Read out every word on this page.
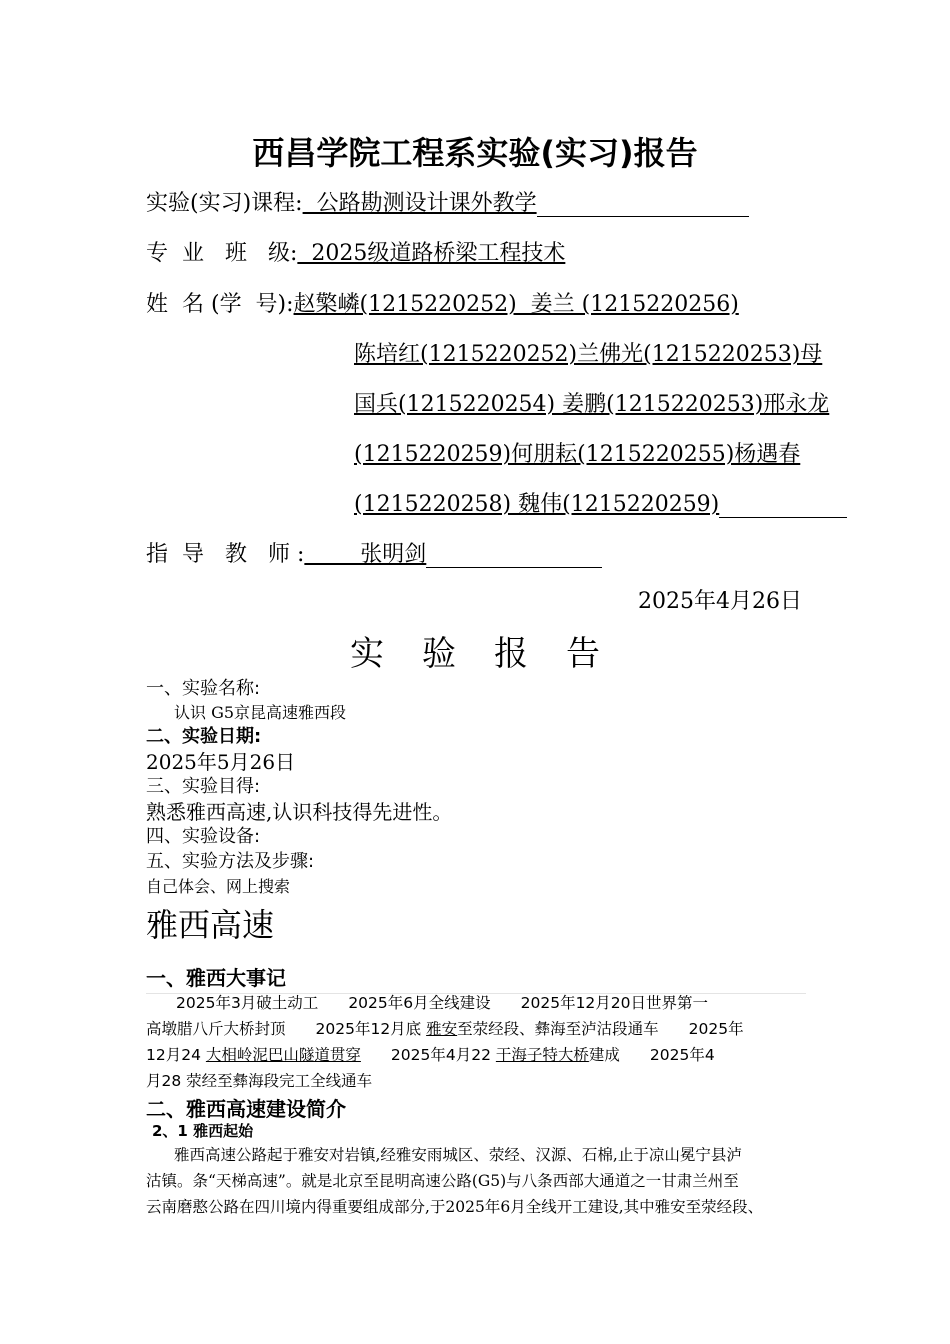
西昌学院工程系实验(实习)报告
实验(实习)课程:  公路勘测设计课外教学
专  业   班   级:  2025级道路桥梁工程技术
姓  名 (学  号):赵檠嶙(1215220252)  姜兰 (1215220256)
陈培红(1215220252)兰佛光(1215220253)母
国兵(1215220254) 姜鹏(1215220253)邢永龙
(1215220259)何朋耘(1215220255)杨遇春
(1215220258) 魏伟(1215220259)
指  导   教   师 :        张明剑
2025年4月26日
实 验 报 告
一、实验名称:
认识 G5京昆高速雅西段
二、实验日期:
2025年5月26日
三、实验目得:
熟悉雅西高速,认识科技得先进性。
四、实验设备:
五、实验方法及步骤:
自己体会、网上搜索
雅西高速
一、雅西大事记
2025年3月破土动工 2025年6月全线建设 2025年12月20日世界第一
高墩腊八斤大桥封顶 2025年12月底 雅安至荥经段、彝海至泸沽段通车 2025年
12月24 大相岭泥巴山隧道贯穿 2025年4月22 干海子特大桥建成 2025年4
月28 荥经至彝海段完工全线通车
二、雅西高速建设简介
2、1 雅西起始
雅西高速公路起于雅安对岩镇,经雅安雨城区、荥经、汉源、石棉,止于凉山冕宁县泸
沽镇。条“天梯高速”。就是北京至昆明高速公路(G5)与八条西部大通道之一甘肃兰州至
云南磨憨公路在四川境内得重要组成部分,于2025年6月全线开工建设,其中雅安至荥经段、
